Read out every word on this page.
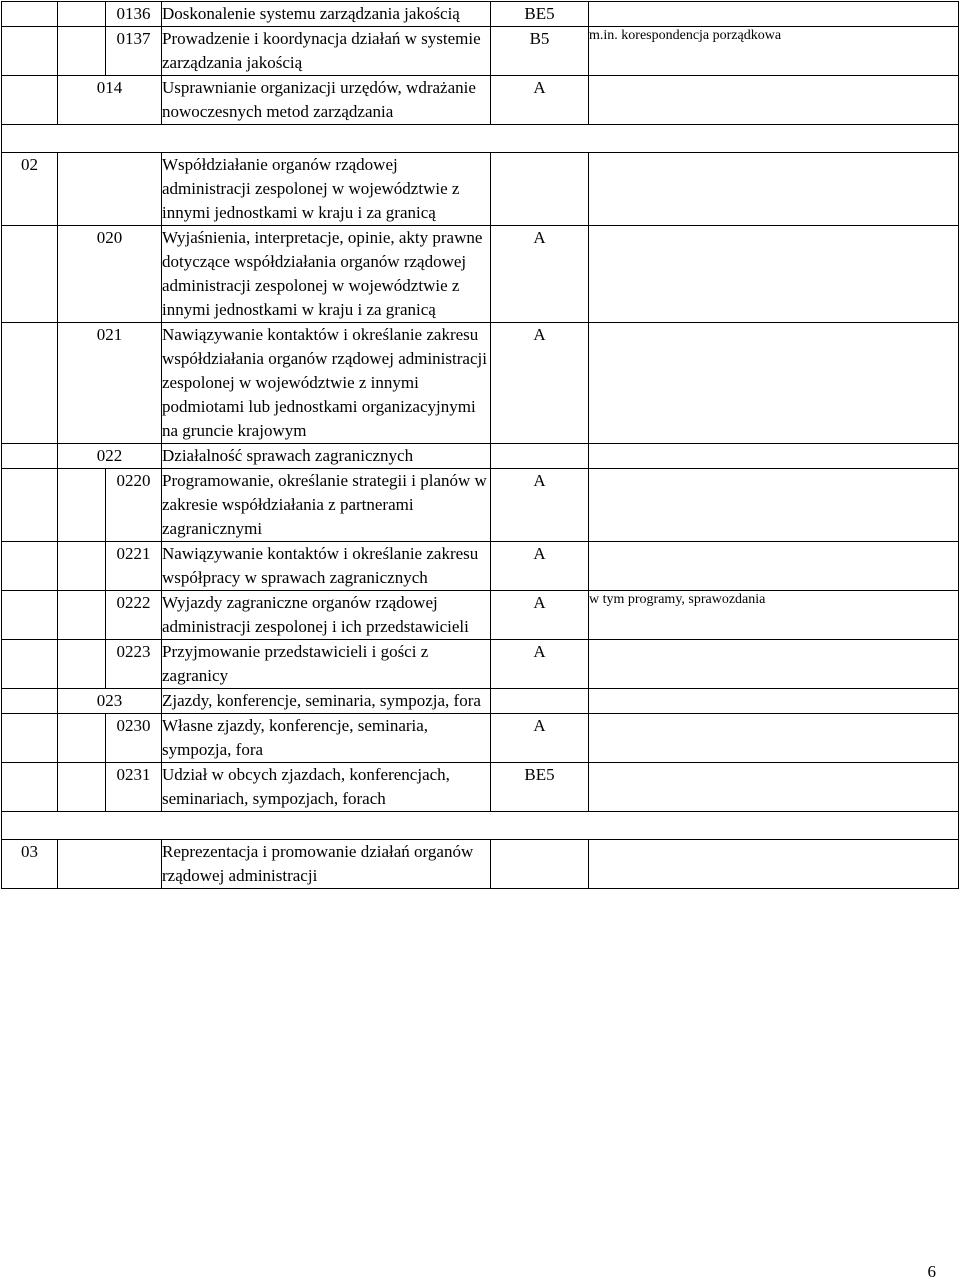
		0136	Doskonalenie systemu zarządzania jakością	BE5	
		0137	Prowadzenie i koordynacja działań w systemie zarządzania jakością	B5	m.in. korespondencja porządkowa
	014		Usprawnianie organizacji urzędów, wdrażanie nowoczesnych metod zarządzania	A	

02			Współdziałanie organów rządowej administracji zespolonej w województwie z innymi jednostkami w kraju i za granicą		
	020		Wyjaśnienia, interpretacje, opinie, akty prawne dotyczące współdziałania organów rządowej administracji zespolonej w województwie z innymi jednostkami w kraju i za granicą	A	
	021		Nawiązywanie kontaktów i określanie zakresu współdziałania organów rządowej administracji zespolonej w województwie z innymi podmiotami lub jednostkami organizacyjnymi na gruncie krajowym	A	
	022		Działalność sprawach zagranicznych		
		0220	Programowanie, określanie strategii i planów w zakresie współdziałania z partnerami zagranicznymi	A	
		0221	Nawiązywanie kontaktów i określanie zakresu współpracy w sprawach zagranicznych	A	
		0222	Wyjazdy zagraniczne organów rządowej administracji zespolonej i ich przedstawicieli	A	w tym programy, sprawozdania
		0223	Przyjmowanie przedstawicieli i gości z zagranicy	A	
	023		Zjazdy, konferencje, seminaria, sympozja, fora		
		0230	Własne zjazdy, konferencje, seminaria, sympozja, fora	A	
		0231	Udział w obcych zjazdach, konferencjach, seminariach, sympozjach, forach	BE5	

03			Reprezentacja i promowanie działań organów rządowej administracji		
6
